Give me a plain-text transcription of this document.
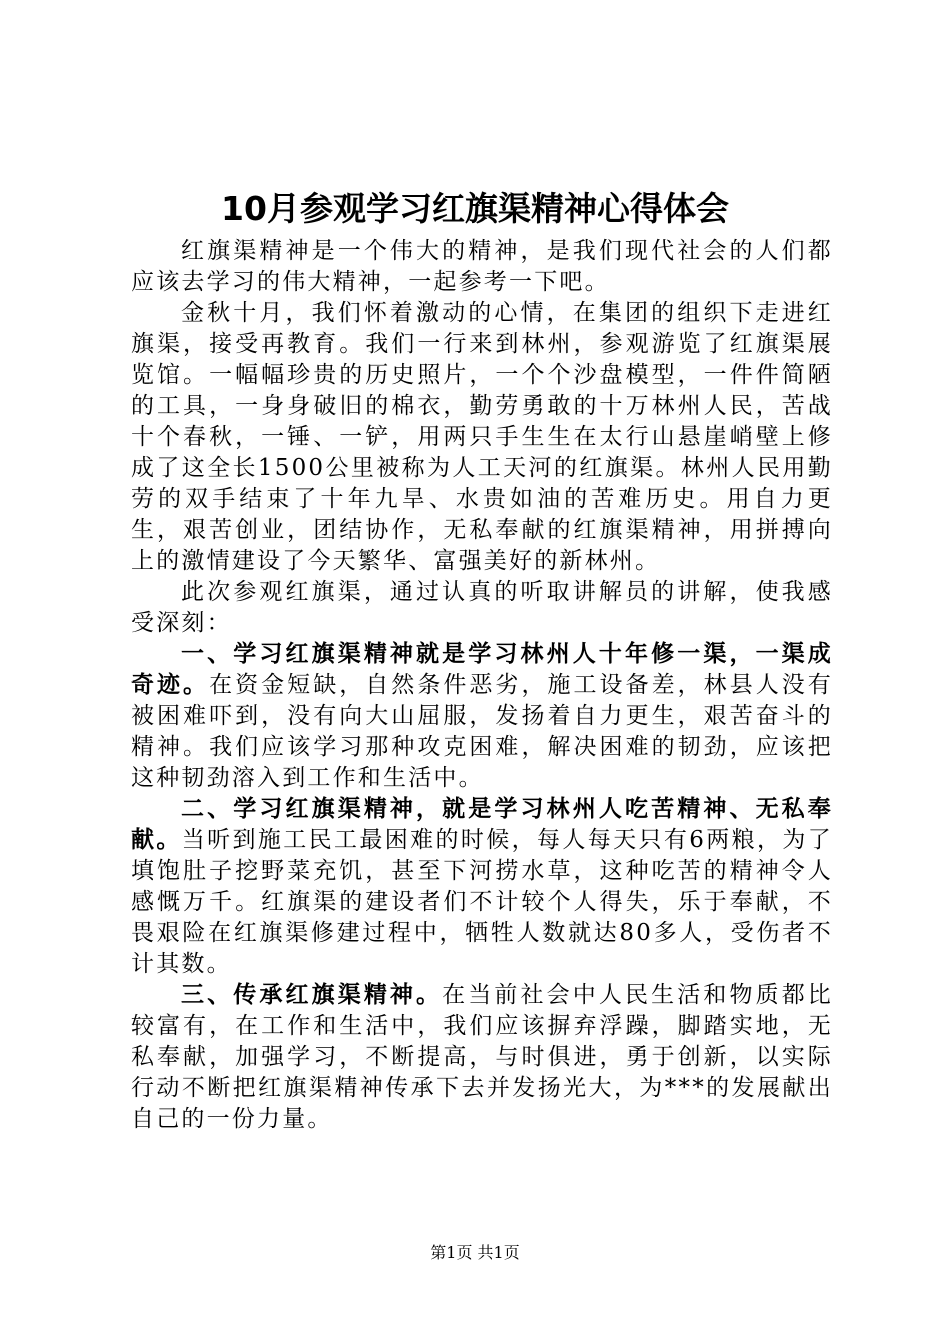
10月参观学习红旗渠精神心得体会

红旗渠精神是一个伟大的精神，是我们现代社会的人们都应该去学习的伟大精神，一起参考一下吧。

金秋十月，我们怀着激动的心情，在集团的组织下走进红旗渠，接受再教育。我们一行来到林州，参观游览了红旗渠展览馆。一幅幅珍贵的历史照片，一个个沙盘模型，一件件简陋的工具，一身身破旧的棉衣，勤劳勇敢的十万林州人民，苦战十个春秋，一锤、一铲，用两只手生生在太行山悬崖峭壁上修成了这全长1500公里被称为人工天河的红旗渠。林州人民用勤劳的双手结束了十年九旱、水贵如油的苦难历史。用自力更生，艰苦创业，团结协作，无私奉献的红旗渠精神，用拼搏向上的激情建设了今天繁华、富强美好的新林州。

此次参观红旗渠，通过认真的听取讲解员的讲解，使我感受深刻：

一、学习红旗渠精神就是学习林州人十年修一渠，一渠成奇迹。在资金短缺，自然条件恶劣，施工设备差，林县人没有被困难吓到，没有向大山屈服，发扬着自力更生，艰苦奋斗的精神。我们应该学习那种攻克困难，解决困难的韧劲，应该把这种韧劲溶入到工作和生活中。

二、学习红旗渠精神，就是学习林州人吃苦精神、无私奉献。当听到施工民工最困难的时候，每人每天只有6两粮，为了填饱肚子挖野菜充饥，甚至下河捞水草，这种吃苦的精神令人感慨万千。红旗渠的建设者们不计较个人得失，乐于奉献，不畏艰险在红旗渠修建过程中，牺牲人数就达80多人，受伤者不计其数。

三、传承红旗渠精神。在当前社会中人民生活和物质都比较富有，在工作和生活中，我们应该摒弃浮躁，脚踏实地，无私奉献，加强学习，不断提高，与时俱进，勇于创新，以实际行动不断把红旗渠精神传承下去并发扬光大，为***的发展献出自己的一份力量。

第1页 共1页
